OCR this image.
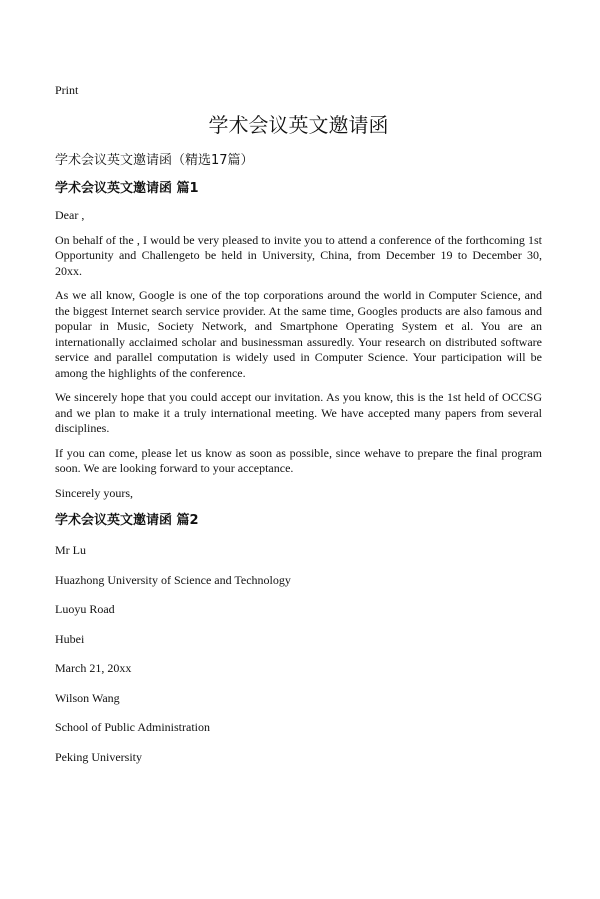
Print
学术会议英文邀请函
学术会议英文邀请函（精选17篇）
学术会议英文邀请函 篇1

Dear ,

On behalf of the , I would be very pleased to invite you to attend a conference of the forthcoming 1st Opportunity and Challengeto be held in University, China, from December 19 to December 30, 20xx.

As we all know, Google is one of the top corporations around the world in Computer Science, and the biggest Internet search service provider. At the same time, Googles products are also famous and popular in Music, Society Network, and Smartphone Operating System et al. You are an internationally acclaimed scholar and businessman assuredly. Your research on distributed software service and parallel computation is widely used in Computer Science. Your participation will be among the highlights of the conference.

We sincerely hope that you could accept our invitation. As you know, this is the 1st held of OCCSG and we plan to make it a truly international meeting. We have accepted many papers from several disciplines.

If you can come, please let us know as soon as possible, since wehave to prepare the final program soon. We are looking forward to your acceptance.

Sincerely yours,

学术会议英文邀请函 篇2
Mr Lu
Huazhong University of Science and Technology
Luoyu Road
Hubei
March 21, 20xx
Wilson Wang
School of Public Administration
Peking University
